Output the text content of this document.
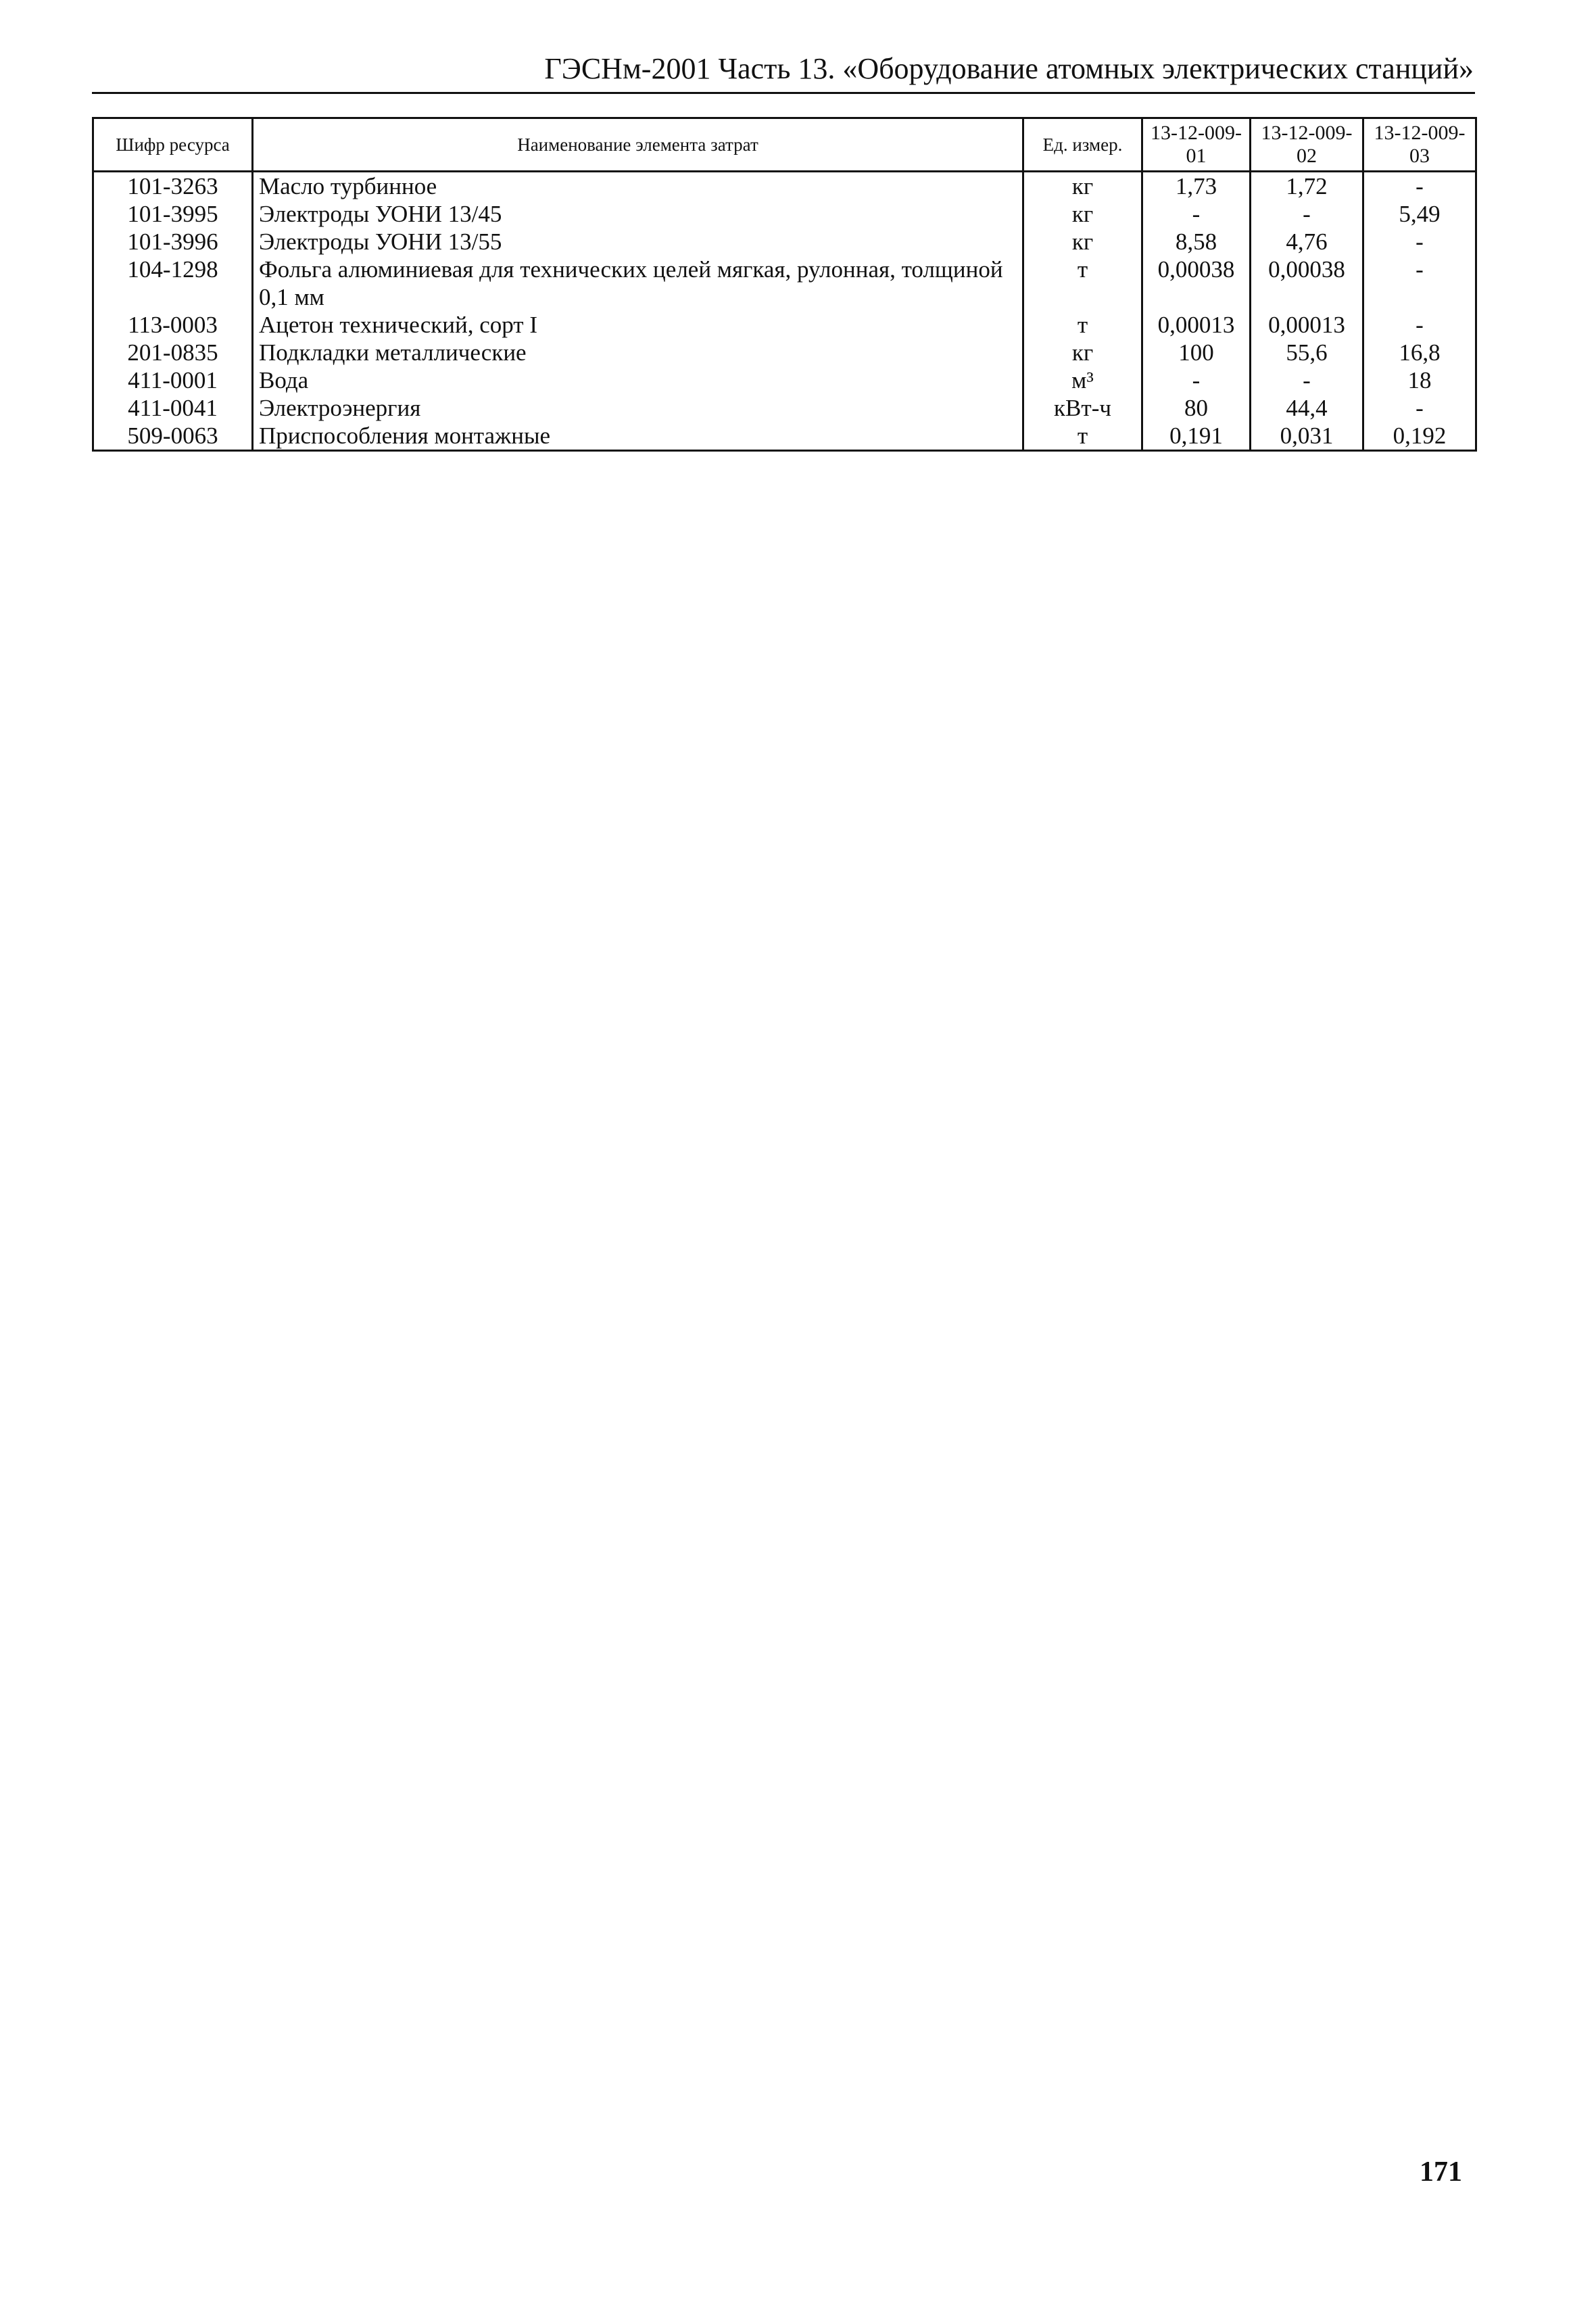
ГЭСНм-2001 Часть 13. «Оборудование атомных электрических станций»
Шифр ресурса	Наименование элемента затрат	Ед. измер.	13-12-009-01	13-12-009-02	13-12-009-03
101-3263	Масло турбинное	кг	1,73	1,72	-
101-3995	Электроды УОНИ 13/45	кг	-	-	5,49
101-3996	Электроды УОНИ 13/55	кг	8,58	4,76	-
104-1298	Фольга алюминиевая для технических целей мягкая, рулонная, толщиной 0,1 мм	т	0,00038	0,00038	-
113-0003	Ацетон технический, сорт I	т	0,00013	0,00013	-
201-0835	Подкладки металлические	кг	100	55,6	16,8
411-0001	Вода	м³	-	-	18
411-0041	Электроэнергия	кВт-ч	80	44,4	-
509-0063	Приспособления монтажные	т	0,191	0,031	0,192
171
